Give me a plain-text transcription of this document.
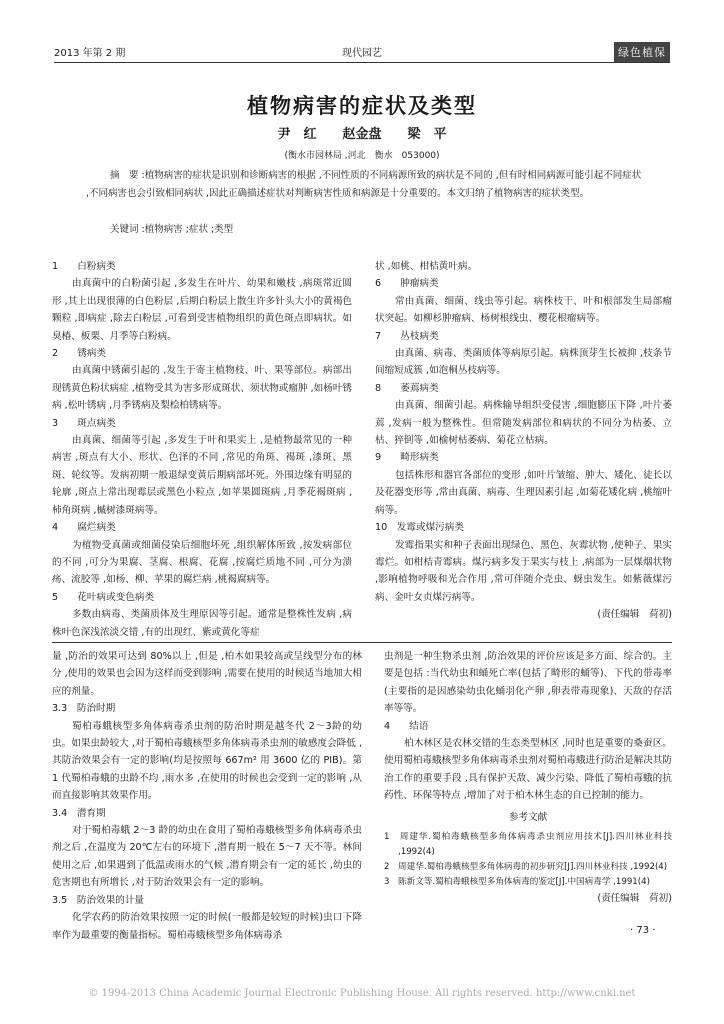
2013 年第 2 期	现代园艺	绿色植保
植物病害的症状及类型
尹　红　　赵金盘　　梁　平
(衡水市园林局 ,河北　衡水　053000)
摘　要 :植物病害的症状是识别和诊断病害的根据 ,不同性质的不同病源所致的病状是不同的 ,但有时相同病源可能引起不同症状 ,不同病害也会引致相同病状 ,因此正确描述症状对判断病害性质和病源是十分重要的。本文归纳了植物病害的症状类型。
关键词 :植物病害 ;症状 ;类型

1　　白粉病类

由真菌中的白粉菌引起 ,多发生在叶片、幼果和嫩枝 ,病斑常近圆形 ,其上出现很薄的白色粉层 ,后期白粉层上散生许多针头大小的黄褐色颗粒 ,即病症 ,除去白粉层 ,可看到受害植物组织的黄色斑点即病状。如臭椿、板栗、月季等白粉病。

2　　锈病类

由真菌中锈菌引起的 ,发生于寄主植物枝、叶、果等部位。病部出现锈黄色粉状病症 ,植物受其为害多形成斑状、须状物或瘤肿 ,如杨叶锈病 ,松叶锈病 ,月季锈病及梨桧柏锈病等。

3　　斑点病类

由真菌、细菌等引起 ,多发生于叶和果实上 ,是植物最常见的一种病害 ,斑点有大小、形状、色泽的不同 ,常见的角斑、褐斑 ,漆斑、黑斑、轮纹等。发病初期一般退绿变黄后期病部坏死。外围边缘有明显的轮廓 ,斑点上常出现霉层或黑色小粒点 ,如苹果圆斑病 ,月季花褐斑病 ,柿角斑病 ,槭树漆斑病等。

4　　腐烂病类

为植物受真菌或细菌侵染后细胞坏死 ,组织解体所致 ,按发病部位的不同 ,可分为果腐、茎腐、根腐、花腐 ,按腐烂质地不同 ,可分为溃疡、流胶等 ,如杨、柳、苹果的腐烂病 ,桃褐腐病等。

5　　花叶病或变色病类

多数由病毒、类菌质体及生理原因等引起。通常是整株性发病 ,病株叶色深浅浓淡交错 ,有的出现红、紫或黄化等症

状 ,如桃、柑桔黄叶病。

6　　肿瘤病类

常由真菌、细菌、线虫等引起。病株枝干、叶和根部发生局部瘤状突起。如柳杉肿瘤病、杨树根线虫、樱花根瘤病等。

7　　丛枝病类

由真菌、病毒、类菌质体等病原引起。病株顶芽生长被抑 ,枝条节间缩短成簇 ,如泡桐丛枝病等。

8　　萎蔫病类

由真菌、细菌引起。病株输导组织受侵害 ,细胞膨压下降 ,叶片萎蔫 ,发病一般为整株性。但常随发病部位和病状的不同分为枯萎、立枯、猝倒等 ,如榆树枯萎病、菊花立枯病。

9　　畸形病类

包括株形和器官各部位的变形 ,如叶片皱缩、肿大、矮化、徒长以及花器变形等 ,常由真菌、病毒、生理因素引起 ,如菊花矮化病 ,桃缩叶病等。

10　发霉或煤污病类

发霉指果实和种子表面出现绿色、黑色、灰霉状物 ,使种子、果实霉烂。如柑桔青霉病。煤污病多发于果实与枝上 ,病部为一层煤烟状物 ,影响植物呼吸和光合作用 ,常可伴随介壳虫、蚜虫发生。如紫薇煤污病、金叶女贞煤污病等。

(责任编辑　荷初)

量 ,防治的效果可达到 80%以上 ,但是 ,柏木如果较高或呈线型分布的林分 ,使用的效果也会因为这样而受到影响 ,需要在使用的时候适当地加大相应的剂量。

3.3　防治时期

蜀柏毒蛾核型多角体病毒杀虫剂的防治时期是越冬代 2～3龄的幼虫。如果虫龄较大 ,对于蜀柏毒蛾核型多角体病毒杀虫剂的敏感度会降低 ,其防治效果会有一定的影响(均是按照每 667m² 用 3600 亿的 PIB)。第 1 代蜀柏毒蛾的虫龄不均 ,雨水多 ,在使用的时候也会受到一定的影响 ,从而直接影响其效果作用。

3.4　潜育期

对于蜀柏毒蛾 2～3 龄的幼虫在食用了蜀柏毒蛾核型多角体病毒杀虫剂之后 ,在温度为 20℃左右的环境下 ,潜育期一般在 5～7 天不等。林间使用之后 ,如果遇到了低温或雨水的气候 ,潜育期会有一定的延长 ,幼虫的危害期也有所增长 ,对于防治效果会有一定的影响。

3.5　防治效果的计量

化学农药的防治效果按照一定的时候(一般都是较短的时候)虫口下降率作为最重要的衡量指标。蜀柏毒蛾核型多角体病毒杀

虫剂是一种生物杀虫剂 ,防治效果的评价应该是多方面、综合的。主要是包括 :当代幼虫和蛹死亡率(包括了畸形的蛹等)、下代的带毒率(主要指的是因感染幼虫化蛹羽化产卵 ,卵表带毒现象)、天敌的存活率等等。

4　　结语

柏木林区是农林交错的生态类型林区 ,同时也是重要的桑蚕区。使用蜀柏毒蛾核型多角体病毒杀虫剂对蜀柏毒蛾进行防治是解决其防治工作的重要手段 ,具有保护天敌、减少污染、降低了蜀柏毒蛾的抗药性、环保等特点 ,增加了对于柏木林生态的自已控制的能力。

参考文献

1　周建华.蜀柏毒蛾核型多角体病毒杀虫剂应用技术[J].四川林业科技 ,1992(4)

2　周建华.蜀柏毒蛾核型多角体病毒的初步研究[J].四川林业科技 ,1992(4)

3　陈新文等.蜀柏毒蛾核型多角体病毒的鉴定[J].中国病毒学 ,1991(4)

(责任编辑　荷初)

· 73 ·
© 1994-2013 China Academic Journal Electronic Publishing House. All rights reserved. http://www.cnki.net
